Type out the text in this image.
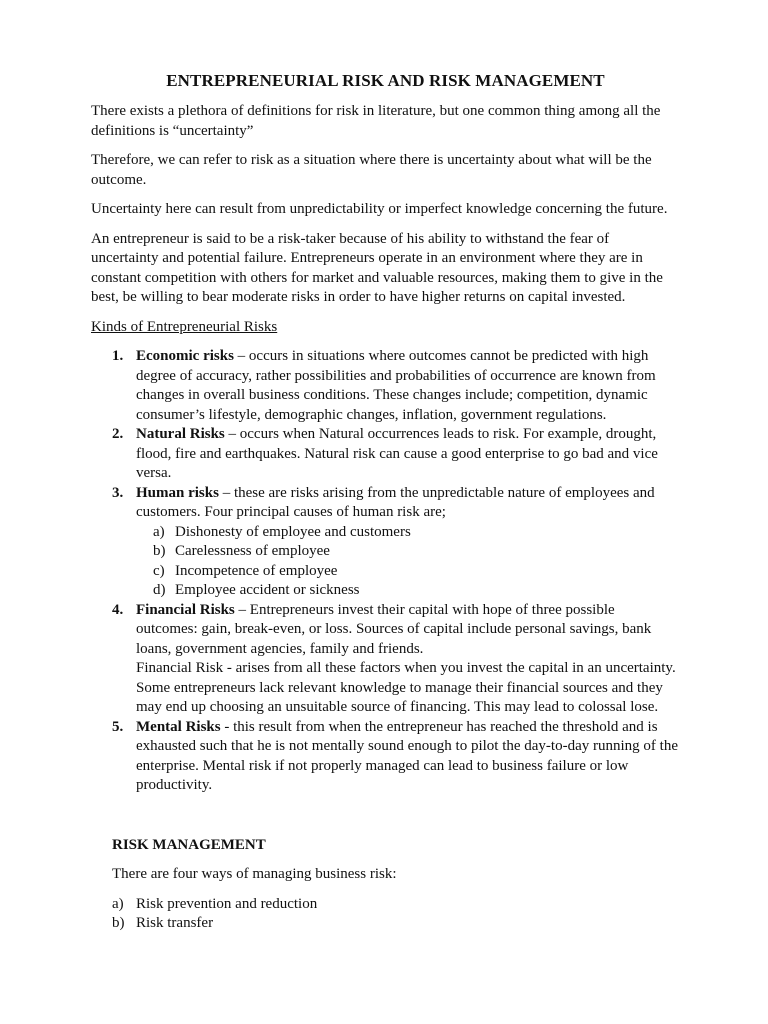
ENTREPRENEURIAL RISK AND RISK MANAGEMENT

There exists a plethora of definitions for risk in literature, but one common thing among all the definitions is “uncertainty”

Therefore, we can refer to risk as a situation where there is uncertainty about what will be the outcome.

Uncertainty here can result from unpredictability or imperfect knowledge concerning the future.

An entrepreneur is said to be a risk-taker because of his ability to withstand the fear of uncertainty and potential failure. Entrepreneurs operate in an environment where they are in constant competition with others for market and valuable resources, making them to give in the best, be willing to bear moderate risks in order to have higher returns on capital invested.

Kinds of Entrepreneurial Risks

1. Economic risks – occurs in situations where outcomes cannot be predicted with high degree of accuracy, rather possibilities and probabilities of occurrence are known from changes in overall business conditions. These changes include; competition, dynamic consumer’s lifestyle, demographic changes, inflation, government regulations.
2. Natural Risks – occurs when Natural occurrences leads to risk. For example, drought, flood, fire and earthquakes. Natural risk can cause a good enterprise to go bad and vice versa.
3. Human risks – these are risks arising from the unpredictable nature of employees and customers. Four principal causes of human risk are;
a) Dishonesty of employee and customers
b) Carelessness of employee
c) Incompetence of employee
d) Employee accident or sickness
4. Financial Risks – Entrepreneurs invest their capital with hope of three possible outcomes: gain, break-even, or loss. Sources of capital include personal savings, bank loans, government agencies, family and friends.
Financial Risk - arises from all these factors when you invest the capital in an uncertainty. Some entrepreneurs lack relevant knowledge to manage their financial sources and they may end up choosing an unsuitable source of financing. This may lead to colossal lose.
5. Mental Risks - this result from when the entrepreneur has reached the threshold and is exhausted such that he is not mentally sound enough to pilot the day-to-day running of the enterprise. Mental risk if not properly managed can lead to business failure or low productivity.

RISK MANAGEMENT

There are four ways of managing business risk:

a) Risk prevention and reduction
b) Risk transfer
